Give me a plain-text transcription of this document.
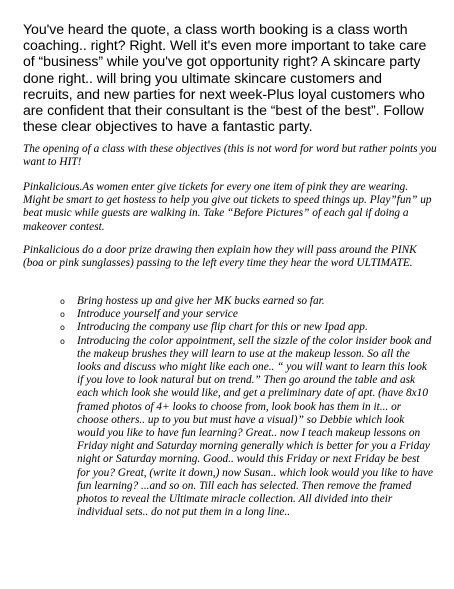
You've heard the quote, a class worth booking is a class worth coaching.. right? Right. Well it's even more important to take care of “business” while you've got opportunity right? A skincare party done right.. will bring you ultimate skincare customers and recruits, and new parties for next week-Plus loyal customers who are confident that their consultant is the “best of the best”. Follow these clear objectives to have a fantastic party.

The opening of a class with these objectives (this is not word for word but rather points you want to HIT!

Pinkalicious.As women enter give tickets for every one item of pink they are wearing. Might be smart to get hostess to help you give out tickets to speed things up. Play”fun” up beat music while guests are walking in. Take “Before Pictures” of each gal if doing a makeover contest.

Pinkalicious do a door prize drawing then explain how they will pass around the PINK (boa or pink sunglasses) passing to the left every time they hear the word ULTIMATE.

o Bring hostess up and give her MK bucks earned so far.
o Introduce yourself and your service
o Introducing the company use flip chart for this or new Ipad app.
o Introducing the color appointment, sell the sizzle of the color insider book and the makeup brushes they will learn to use at the makeup lesson. So all the looks and discuss who might like each one.. “ you will want to learn this look if you love to look natural but on trend.” Then go around the table and ask each which look she would like, and get a preliminary date of apt. (have 8x10 framed photos of 4+ looks to choose from, look book has them in it... or choose others.. up to you but must have a visual)” so Debbie which look would you like to have fun learning? Great.. now I teach makeup lessons on Friday night and Saturday morning generally which is better for you a Friday night or Saturday morning. Good.. would this Friday or next Friday be best for you? Great, (write it down,) now Susan.. which look would you like to have fun learning? ...and so on. Till each has selected. Then remove the framed photos to reveal the Ultimate miracle collection. All divided into their individual sets.. do not put them in a long line..
